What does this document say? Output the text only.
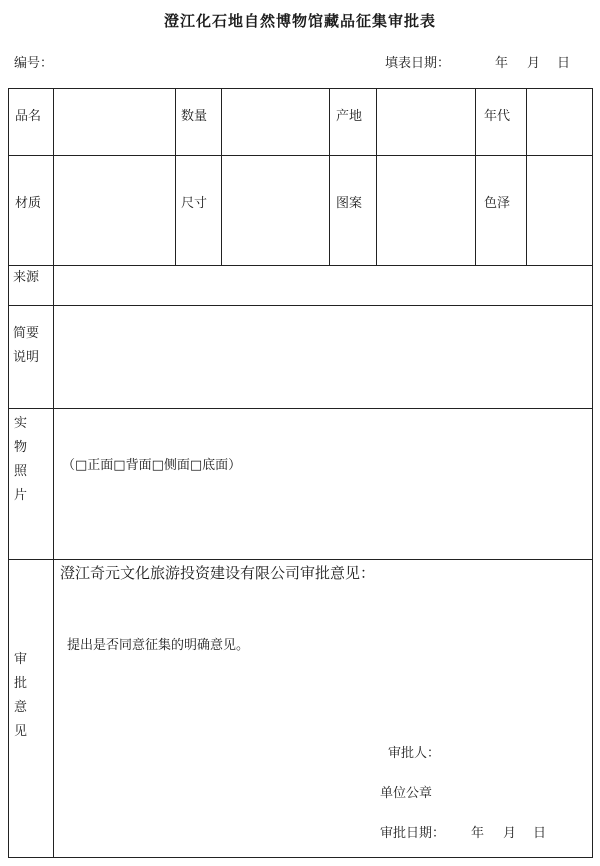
澄江化石地自然博物馆藏品征集审批表
编号：	填表日期：	年 月 日
品名	数量	产地	年代
材质	尺寸	图案	色泽
来源
简要说明
实物照片
（□正面□背面□侧面□底面）
审批意见
澄江奇元文化旅游投资建设有限公司审批意见：
提出是否同意征集的明确意见。
审批人：
单位公章
审批日期： 年 月 日
